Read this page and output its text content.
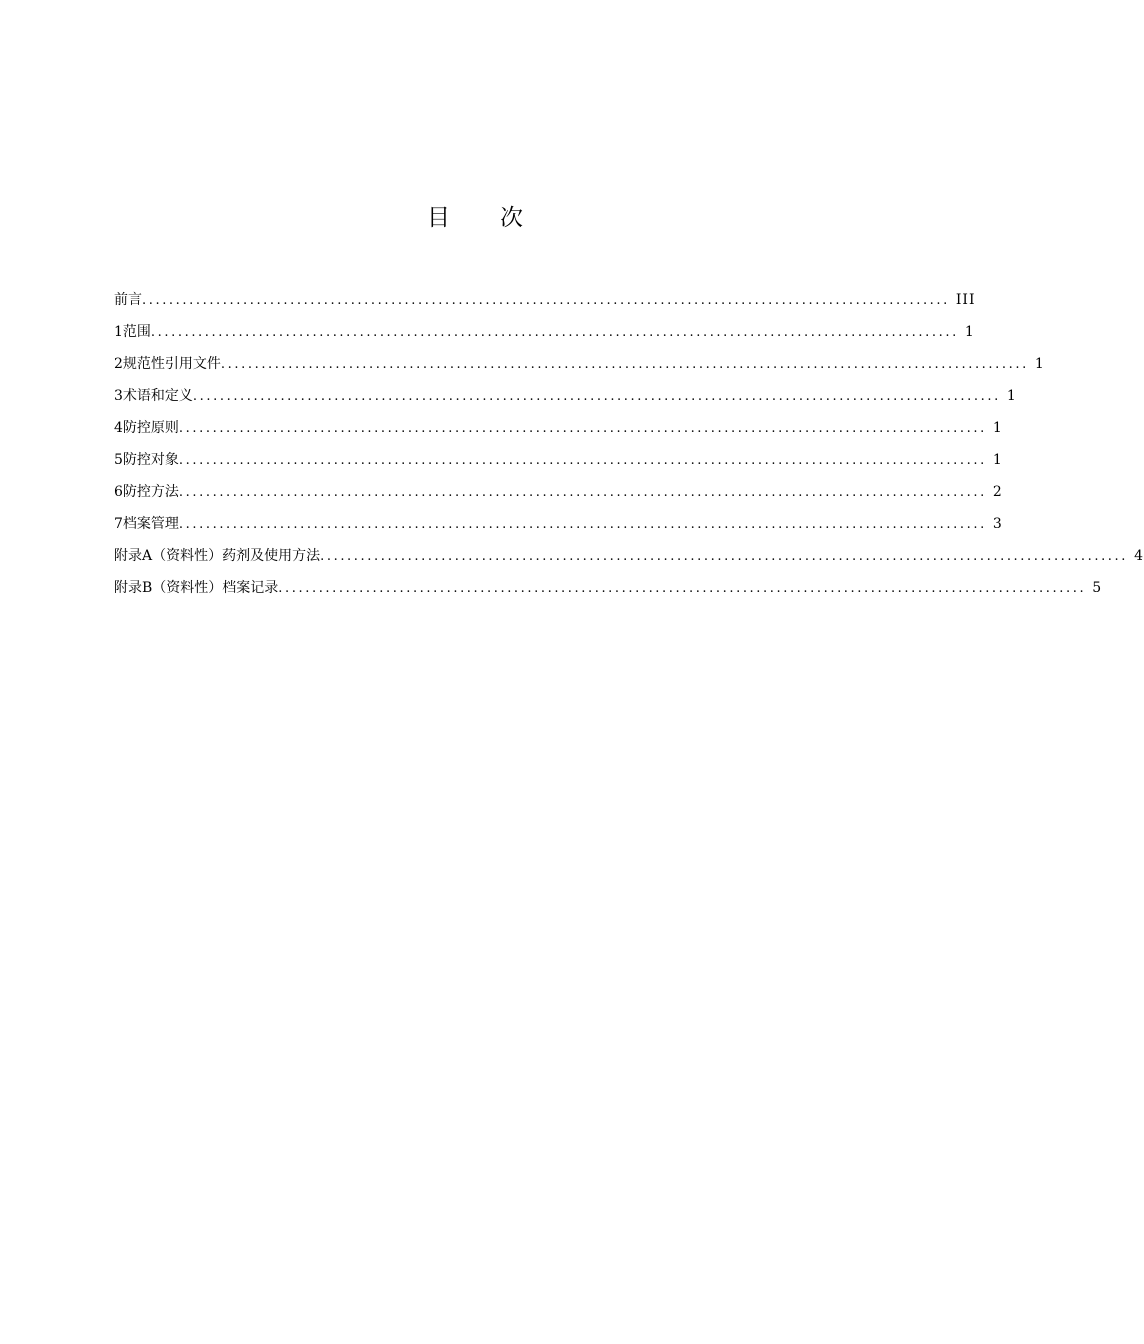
目 次
前言 ........................................................................................................................ III
1 范围 ........................................................................................................................ 1
2 规范性引用文件 ........................................................................................................................ 1
3 术语和定义 ........................................................................................................................ 1
4 防控原则 ........................................................................................................................ 1
5 防控对象 ........................................................................................................................ 1
6 防控方法 ........................................................................................................................ 2
7 档案管理 ........................................................................................................................ 3
附录A（资料性） 药剂及使用方法 ........................................................................................................................ 4
附录B（资料性） 档案记录 ........................................................................................................................ 5
